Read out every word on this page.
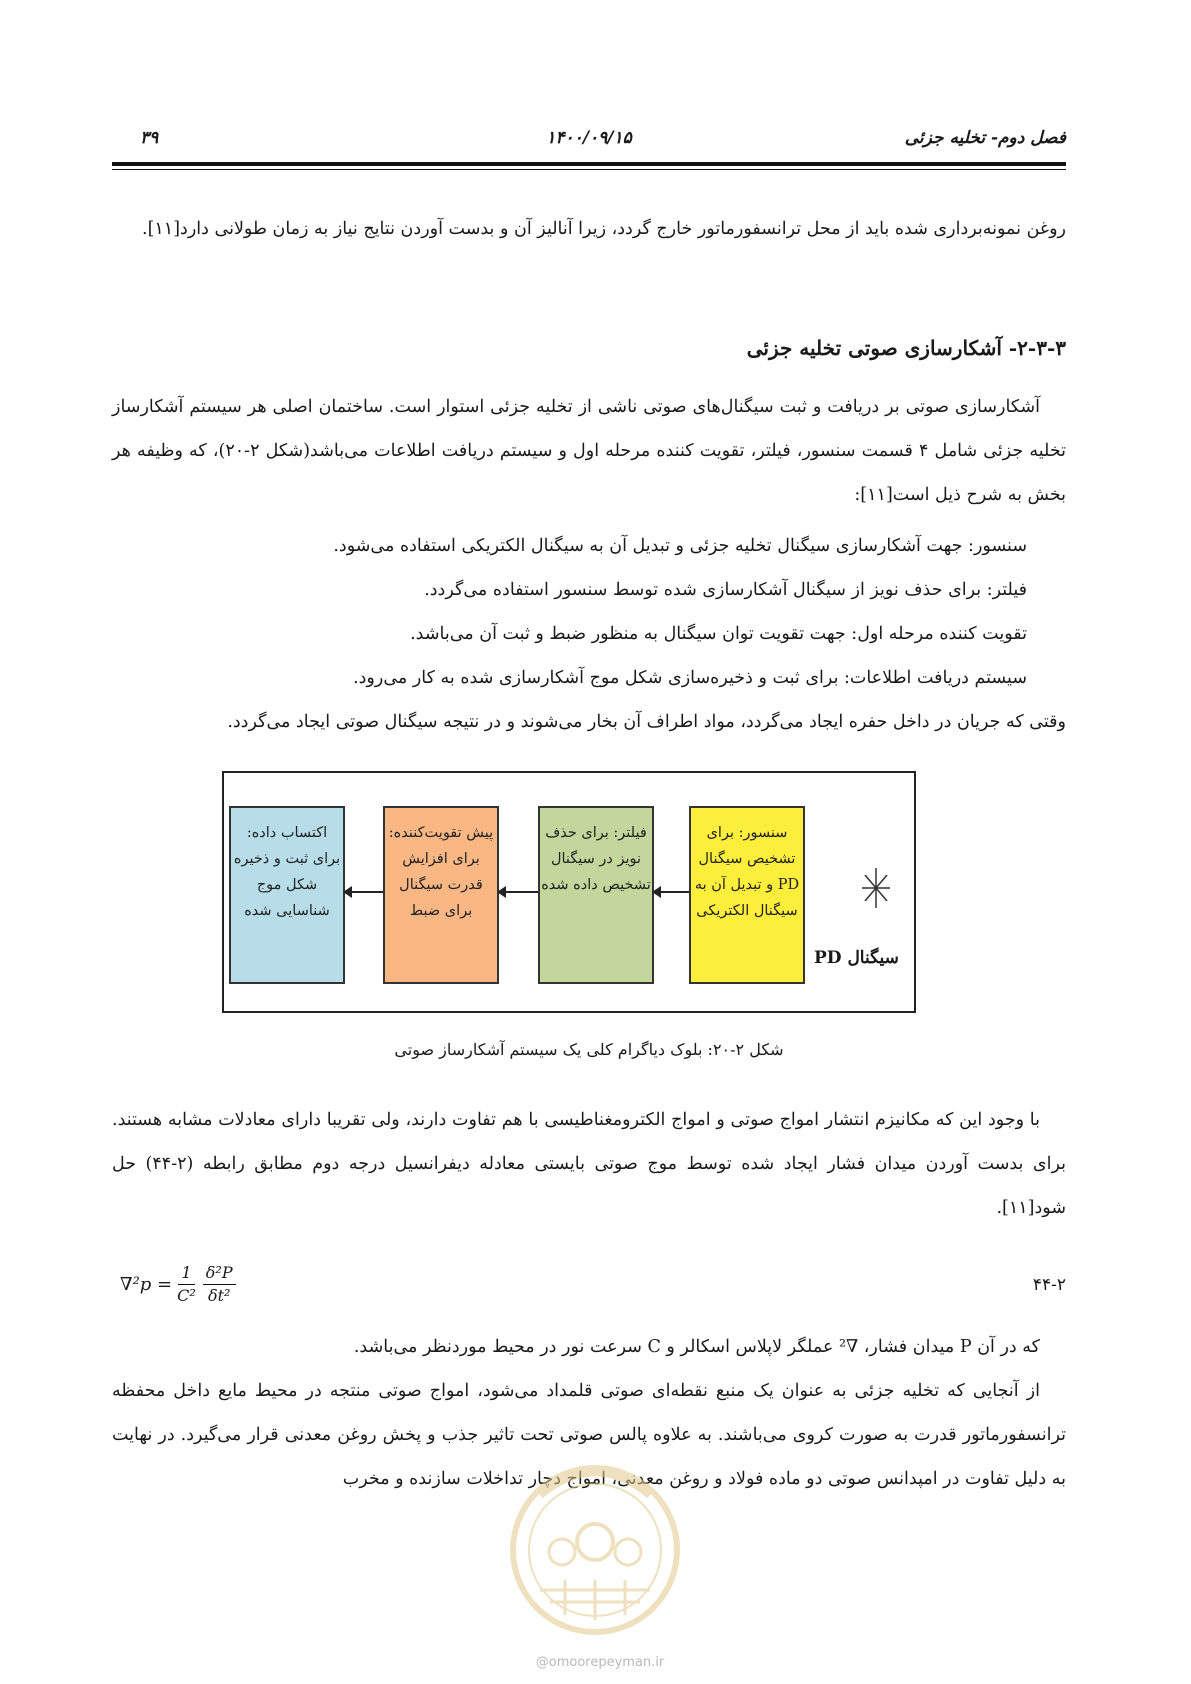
فصل دوم- تخلیه جزئی
۱۴۰۰/۰۹/۱۵
۳۹

روغن نمونه‌برداری شده باید از محل ترانسفورماتور خارج گردد، زیرا آنالیز آن و بدست آوردن نتایج نیاز به زمان طولانی دارد[۱۱].

۲-۳-۳- آشکارسازی صوتی تخلیه جزئی

آشکارسازی صوتی بر دریافت و ثبت سیگنال‌های صوتی ناشی از تخلیه جزئی استوار است. ساختمان اصلی هر سیستم آشکارساز تخلیه جزئی شامل ۴ قسمت سنسور، فیلتر، تقویت کننده مرحله اول و سیستم دریافت اطلاعات می‌باشد(شکل ۲-۲۰)، که وظیفه هر بخش به شرح ذیل است[۱۱]:

سنسور: جهت آشکارسازی سیگنال تخلیه جزئی و تبدیل آن به سیگنال الکتریکی استفاده می‌شود.

فیلتر: برای حذف نویز از سیگنال آشکارسازی شده توسط سنسور استفاده می‌گردد.

تقویت کننده مرحله اول: جهت تقویت توان سیگنال به منظور ضبط و ثبت آن می‌باشد.

سیستم دریافت اطلاعات: برای ثبت و ذخیره‌سازی شکل موج آشکارسازی شده به کار می‌رود.

وقتی که جریان در داخل حفره ایجاد می‌گردد، مواد اطراف آن بخار می‌شوند و در نتیجه سیگنال صوتی ایجاد می‌گردد.

اکتساب داده: برای ثبت و ذخیره شکل موج شناسایی شده
پیش تقویت‌کننده: برای افزایش قدرت سیگنال برای ضبط
فیلتر: برای حذف نویز در سیگنال تشخیص داده شده
سنسور: برای تشخیص سیگنال PD و تبدیل آن به سیگنال الکتریکی
سیگنال PD

شکل ۲-۲۰: بلوک دیاگرام کلی یک سیستم آشکارساز صوتی

با وجود این که مکانیزم انتشار امواج صوتی و امواج الکترومغناطیسی با هم تفاوت دارند، ولی تقریبا دارای معادلات مشابه هستند. برای بدست آوردن میدان فشار ایجاد شده توسط موج صوتی بایستی معادله دیفرانسیل درجه دوم مطابق رابطه (۲-۴۴) حل شود[۱۱].

$\nabla^2p = \frac{1}{\text{C²}} \frac{\text{δ²P}}{\text{δt²}}$	۴۴-۲

که در آن P میدان فشار، ∇² عملگر لاپلاس اسکالر و C سرعت نور در محیط مورد‌نظر می‌باشد.

از آنجایی که تخلیه جزئی به عنوان یک منبع نقطه‌ای صوتی قلمداد می‌شود، امواج صوتی منتجه در محیط مایع داخل محفظه ترانسفورماتور قدرت به صورت کروی می‌باشند. به علاوه پالس صوتی تحت تاثیر جذب و پخش روغن معدنی قرار می‌گیرد. در نهایت به دلیل تفاوت در امپدانس صوتی دو ماده فولاد و روغن معدنی، امواج دچار تداخلات سازنده و مخرب

@omoorepeyman.ir
